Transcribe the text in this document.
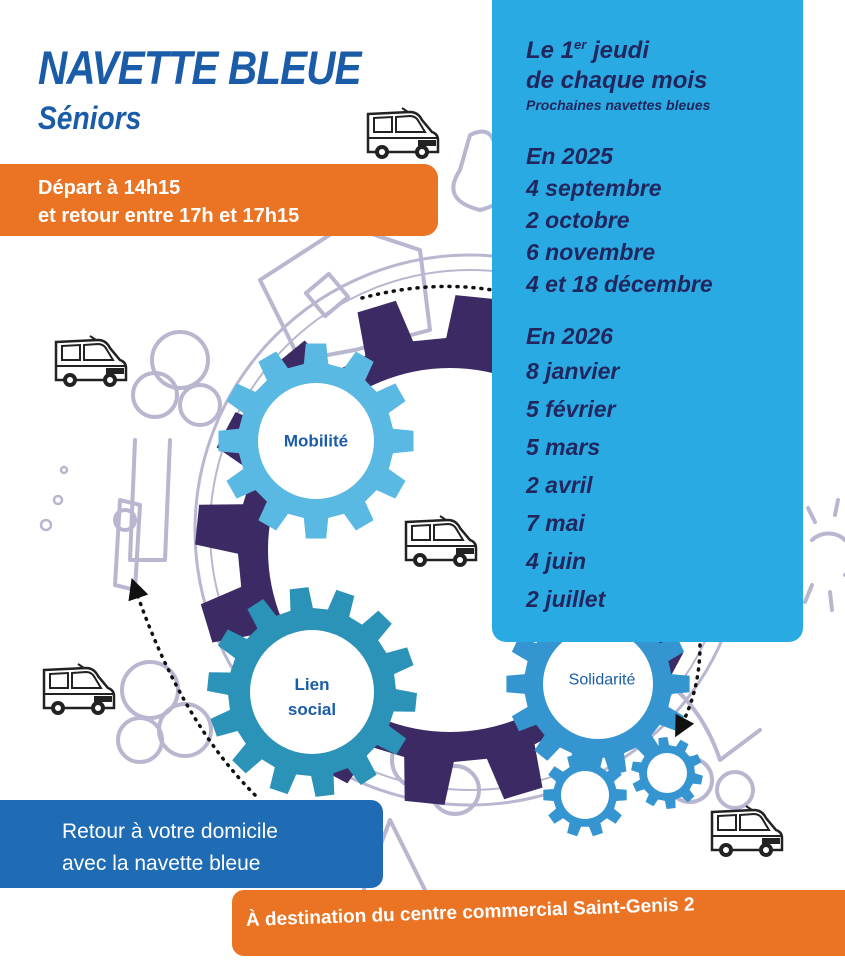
NAVETTE BLEUE
Séniors
Départ à 14h15
et retour entre 17h et 17h15
Le 1er jeudi
de chaque mois
Prochaines navettes bleues
En 2025
4 septembre
2 octobre
6 novembre
4 et 18 décembre
En 2026
8 janvier
5 février
5 mars
2 avril
7 mai
4 juin
2 juillet
Mobilité
Lien
social
Solidarité
Retour à votre domicile
avec la navette bleue
À destination du centre commercial Saint-Genis 2
